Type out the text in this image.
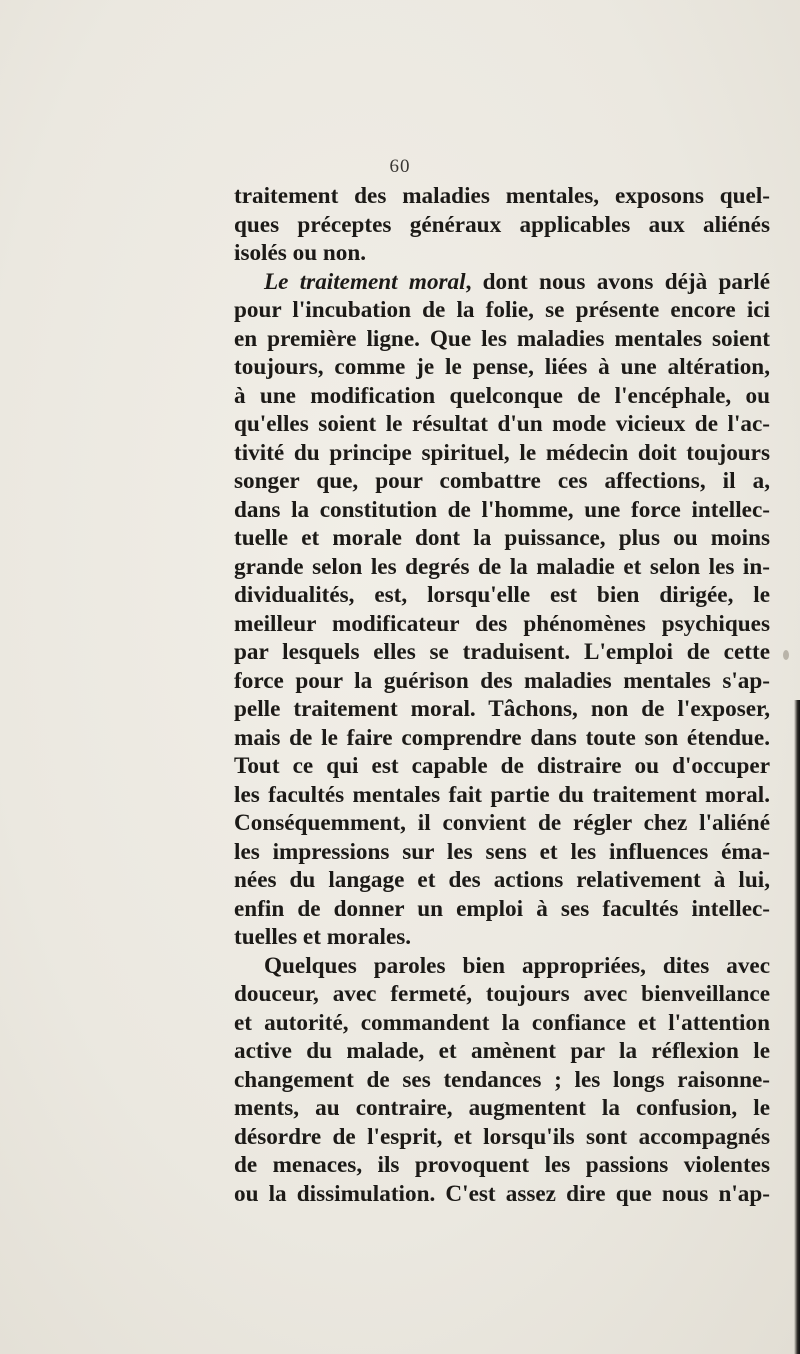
60
traitement des maladies mentales, exposons quel-
ques préceptes généraux applicables aux aliénés
isolés ou non.
Le traitement moral, dont nous avons déjà parlé
pour l'incubation de la folie, se présente encore ici
en première ligne. Que les maladies mentales soient
toujours, comme je le pense, liées à une altération,
à une modification quelconque de l'encéphale, ou
qu'elles soient le résultat d'un mode vicieux de l'ac-
tivité du principe spirituel, le médecin doit toujours
songer que, pour combattre ces affections, il a,
dans la constitution de l'homme, une force intellec-
tuelle et morale dont la puissance, plus ou moins
grande selon les degrés de la maladie et selon les in-
dividualités, est, lorsqu'elle est bien dirigée, le
meilleur modificateur des phénomènes psychiques
par lesquels elles se traduisent. L'emploi de cette
force pour la guérison des maladies mentales s'ap-
pelle traitement moral. Tâchons, non de l'exposer,
mais de le faire comprendre dans toute son étendue.
Tout ce qui est capable de distraire ou d'occuper
les facultés mentales fait partie du traitement moral.
Conséquemment, il convient de régler chez l'aliéné
les impressions sur les sens et les influences éma-
nées du langage et des actions relativement à lui,
enfin de donner un emploi à ses facultés intellec-
tuelles et morales.
Quelques paroles bien appropriées, dites avec
douceur, avec fermeté, toujours avec bienveillance
et autorité, commandent la confiance et l'attention
active du malade, et amènent par la réflexion le
changement de ses tendances ; les longs raisonne-
ments, au contraire, augmentent la confusion, le
désordre de l'esprit, et lorsqu'ils sont accompagnés
de menaces, ils provoquent les passions violentes
ou la dissimulation. C'est assez dire que nous n'ap-
